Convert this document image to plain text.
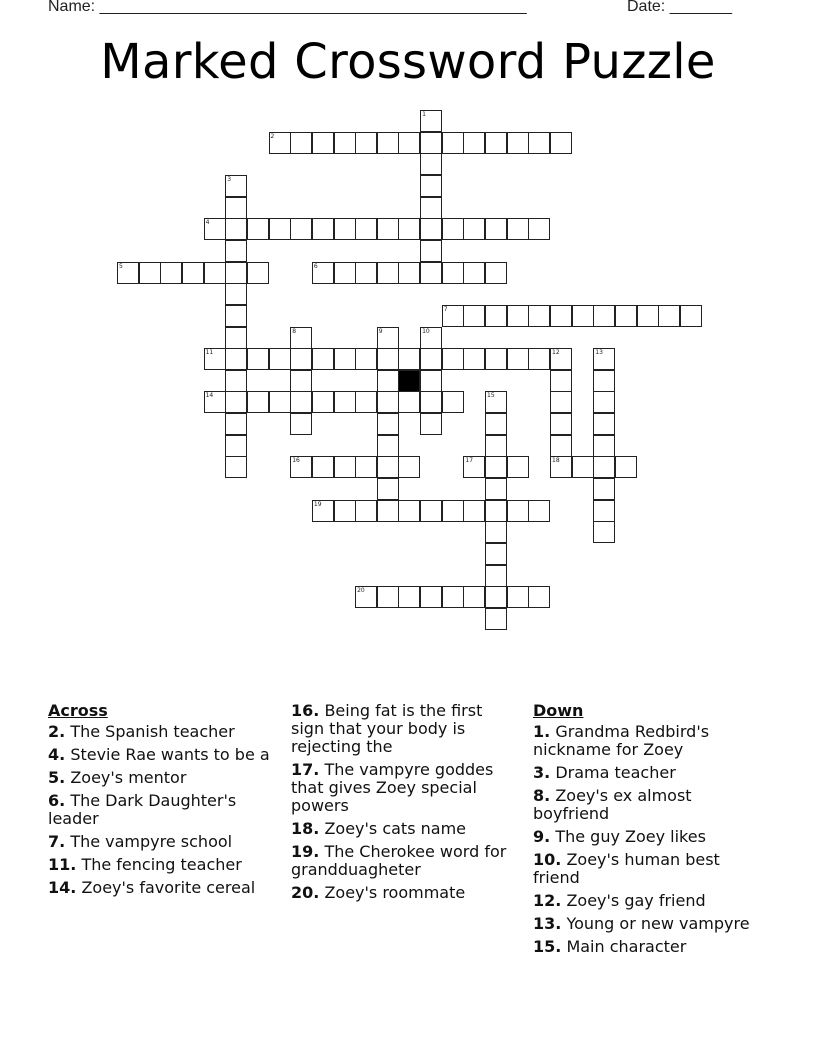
Name: ________________________________________________	Date: _______
Marked Crossword Puzzle
2
4
5	6
7
11
14
16	17	18
19
20
1
3
8	9	10
12	13
15
Across
2. The Spanish teacher
4. Stevie Rae wants to be a
5. Zoey's mentor
6. The Dark Daughter's leader
7. The vampyre school
11. The fencing teacher
14. Zoey's favorite cereal
16. Being fat is the first sign that your body is rejecting the
17. The vampyre goddes that gives Zoey special powers
18. Zoey's cats name
19. The Cherokee word for grandduagheter
20. Zoey's roommate
Down
1. Grandma Redbird's nickname for Zoey
3. Drama teacher
8. Zoey's ex almost boyfriend
9. The guy Zoey likes
10. Zoey's human best friend
12. Zoey's gay friend
13. Young or new vampyre
15. Main character
